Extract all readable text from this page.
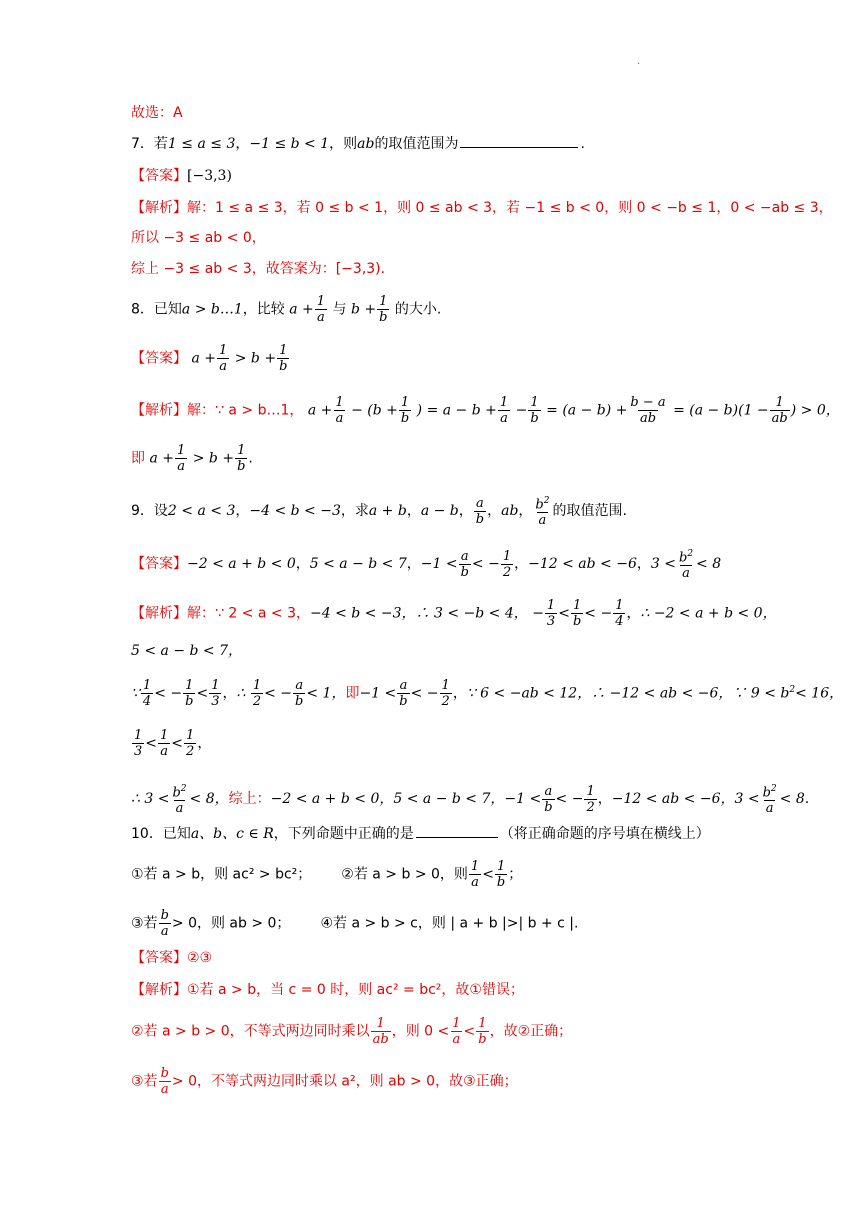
.
故选：A
7．若1 ≤ a ≤ 3，−1 ≤ b < 1，则ab的取值范围为	.
【答案】[−3,3)
【解析】解：1 ≤ a ≤ 3，若 0 ≤ b < 1，则 0 ≤ ab < 3，若 −1 ≤ b < 0，则 0 < −b ≤ 1，0 < −ab ≤ 3，
所以 −3 ≤ ab < 0，
综上 −3 ≤ ab < 3，故答案为：[−3,3).
8．已知a > b…1，比较 $a + \frac{1}{a}$ 与 $b + \frac{1}{b}$ 的大小.
【答案】 $a + \frac{1}{a} > b + \frac{1}{b}$
【解析】解：∵ a > b…1， $a + \frac{1}{a} - (b + \frac{1}{b}$ ) = $a - b + \frac{1}{a} - \frac{1}{b} = (a - b) + \frac{b - a}{ab} = (a - b)(1 - \frac{1}{ab}$ ) > 0，
即 $a + \frac{1}{a} > b + \frac{1}{b}$ .
9．设2 < a < 3，−4 < b < −3，求a + b，a − b， $\frac{a}{b}$ ，ab， $\frac{b^2}{a}$ 的取值范围.
【答案】−2 < a + b < 0，5 < a − b < 7，$-1 < \frac{a}{b}$ < − $\frac{1}{2}$ ，−12 < ab < −6，$3 < \frac{b^2}{a} < 8$
【解析】解：∵ 2 < a < 3，−4 < b < −3，∴ 3 < −b < 4， − $\frac{1}{3} < \frac{1}{b}$ < − $\frac{1}{4}$ ，∴ −2 < a + b < 0，
5 < a − b < 7，
∵ $\frac{1}{4}$ < − $\frac{1}{b} < \frac{1}{3}$ ，∴ $\frac{1}{2}$ < − $\frac{a}{b} < 1$，即$-1 < \frac{a}{b}$ < − $\frac{1}{2}$ ，∵ 6 < −ab < 12，∴ −12 < ab < −6，∵ $9 < b^2< 16$，
$\frac{1}{3} < \frac{1}{a} < \frac{1}{2}$ ，
∴ $3 < \frac{b^2}{a} < 8$，综上：−2 < a + b < 0，5 < a − b < 7，$-1 < \frac{a}{b}$ < − $\frac{1}{2}$ ，−12 < ab < −6，$3 < \frac{b^2}{a} < 8$.
10．已知a、b、c ∈ R，下列命题中正确的是	（将正确命题的序号填在横线上）
①若 a > b，则 ac² > bc²； ②若 a > b > 0，则 $\frac{1}{a} < \frac{1}{b}$ ；
③若 $\frac{b}{a} > 0$，则 ab > 0； ④若 a > b > c，则 | a + b |>| b + c |.
【答案】②③
【解析】①若 a > b，当 c = 0 时，则 ac² = bc²，故①错误；
②若 a > b > 0，不等式两边同时乘以 $\frac{1}{ab}$ ，则 $0 < \frac{1}{a} < \frac{1}{b}$ ，故②正确；
③若 $\frac{b}{a} > 0$，不等式两边同时乘以 a²，则 ab > 0，故③正确；
